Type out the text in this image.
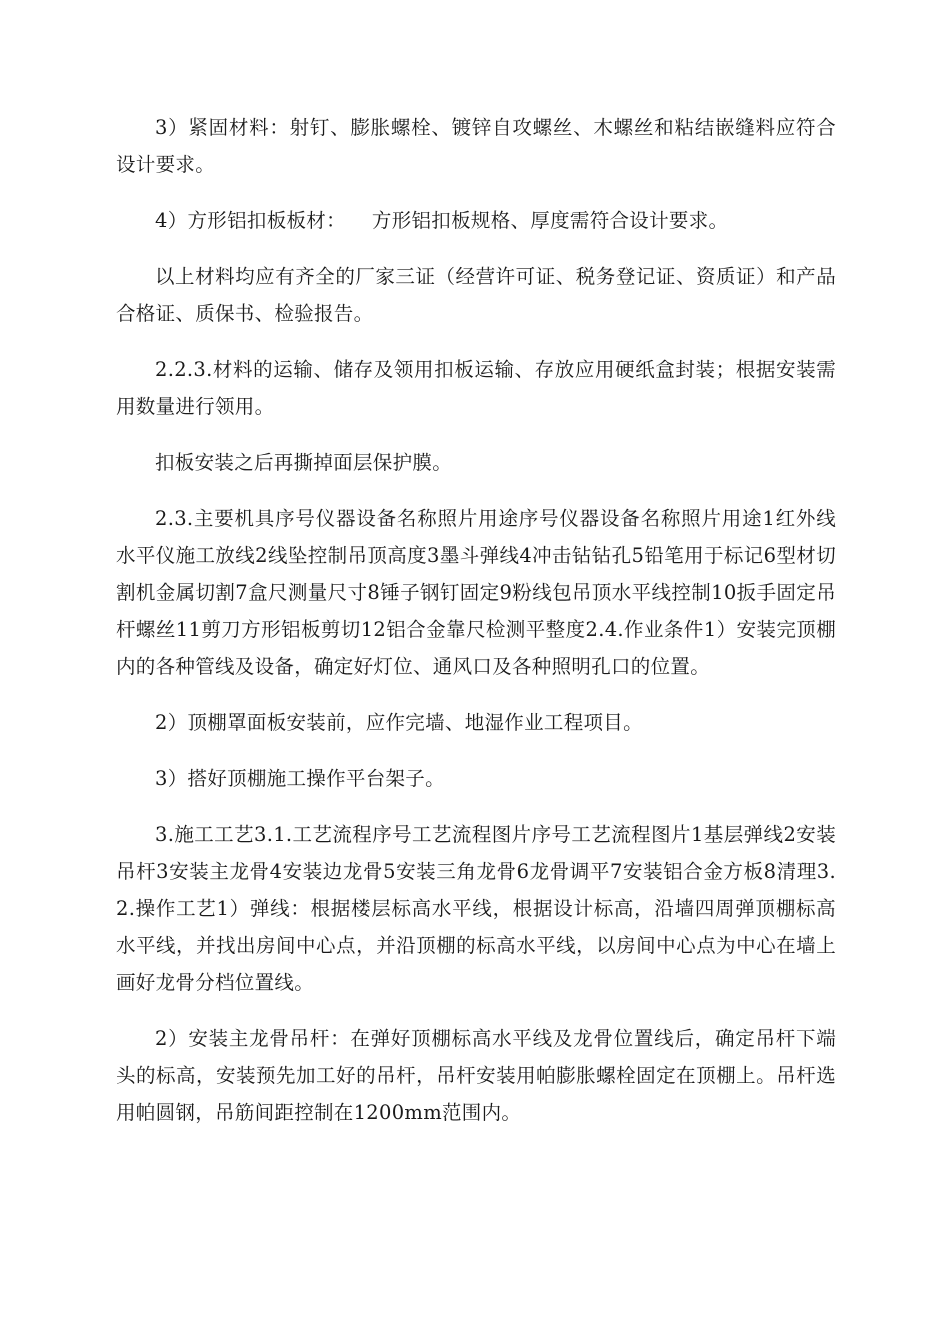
3）紧固材料：射钉、膨胀螺栓、镀锌自攻螺丝、木螺丝和粘结嵌缝料应符合设计要求。

4）方形铝扣板板材：    方形铝扣板规格、厚度需符合设计要求。

以上材料均应有齐全的厂家三证（经营许可证、税务登记证、资质证）和产品合格证、质保书、检验报告。

2.2.3.材料的运输、储存及领用扣板运输、存放应用硬纸盒封装；根据安装需用数量进行领用。

扣板安装之后再撕掉面层保护膜。

2.3.主要机具序号仪器设备名称照片用途序号仪器设备名称照片用途1红外线水平仪施工放线2线坠控制吊顶高度3墨斗弹线4冲击钻钻孔5铅笔用于标记6型材切割机金属切割7盒尺测量尺寸8锤子钢钉固定9粉线包吊顶水平线控制10扳手固定吊杆螺丝11剪刀方形铝板剪切12铝合金靠尺检测平整度2.4.作业条件1）安装完顶棚内的各种管线及设备，确定好灯位、通风口及各种照明孔口的位置。

2）顶棚罩面板安装前，应作完墙、地湿作业工程项目。

3）搭好顶棚施工操作平台架子。

3.施工工艺3.1.工艺流程序号工艺流程图片序号工艺流程图片1基层弹线2安装吊杆3安装主龙骨4安装边龙骨5安装三角龙骨6龙骨调平7安装铝合金方板8清理3.2.操作工艺1）弹线：根据楼层标高水平线，根据设计标高，沿墙四周弹顶棚标高水平线，并找出房间中心点，并沿顶棚的标高水平线，以房间中心点为中心在墙上画好龙骨分档位置线。

2）安装主龙骨吊杆：在弹好顶棚标高水平线及龙骨位置线后，确定吊杆下端头的标高，安装预先加工好的吊杆，吊杆安装用帕膨胀螺栓固定在顶棚上。吊杆选用帕圆钢，吊筋间距控制在1200mm范围内。
